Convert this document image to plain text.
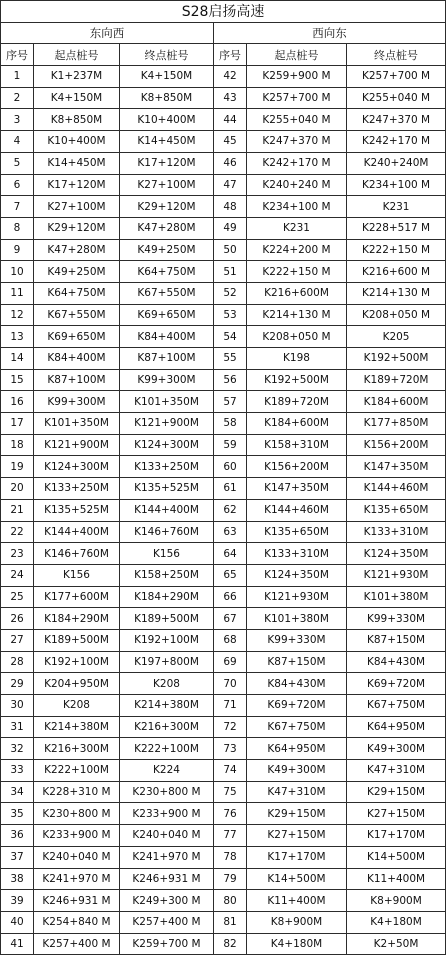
S28启扬高速					
东向西			西向东		
序号	起点桩号	终点桩号	序号	起点桩号	终点桩号
1	K1+237M	K4+150M	42	K259+900 M	K257+700 M
2	K4+150M	K8+850M	43	K257+700 M	K255+040 M
3	K8+850M	K10+400M	44	K255+040 M	K247+370 M
4	K10+400M	K14+450M	45	K247+370 M	K242+170 M
5	K14+450M	K17+120M	46	K242+170 M	K240+240M
6	K17+120M	K27+100M	47	K240+240 M	K234+100 M
7	K27+100M	K29+120M	48	K234+100 M	K231
8	K29+120M	K47+280M	49	K231	K228+517 M
9	K47+280M	K49+250M	50	K224+200 M	K222+150 M
10	K49+250M	K64+750M	51	K222+150 M	K216+600 M
11	K64+750M	K67+550M	52	K216+600M	K214+130 M
12	K67+550M	K69+650M	53	K214+130 M	K208+050 M
13	K69+650M	K84+400M	54	K208+050 M	K205
14	K84+400M	K87+100M	55	K198	K192+500M
15	K87+100M	K99+300M	56	K192+500M	K189+720M
16	K99+300M	K101+350M	57	K189+720M	K184+600M
17	K101+350M	K121+900M	58	K184+600M	K177+850M
18	K121+900M	K124+300M	59	K158+310M	K156+200M
19	K124+300M	K133+250M	60	K156+200M	K147+350M
20	K133+250M	K135+525M	61	K147+350M	K144+460M
21	K135+525M	K144+400M	62	K144+460M	K135+650M
22	K144+400M	K146+760M	63	K135+650M	K133+310M
23	K146+760M	K156	64	K133+310M	K124+350M
24	K156	K158+250M	65	K124+350M	K121+930M
25	K177+600M	K184+290M	66	K121+930M	K101+380M
26	K184+290M	K189+500M	67	K101+380M	K99+330M
27	K189+500M	K192+100M	68	K99+330M	K87+150M
28	K192+100M	K197+800M	69	K87+150M	K84+430M
29	K204+950M	K208	70	K84+430M	K69+720M
30	K208	K214+380M	71	K69+720M	K67+750M
31	K214+380M	K216+300M	72	K67+750M	K64+950M
32	K216+300M	K222+100M	73	K64+950M	K49+300M
33	K222+100M	K224	74	K49+300M	K47+310M
34	K228+310 M	K230+800 M	75	K47+310M	K29+150M
35	K230+800 M	K233+900 M	76	K29+150M	K27+150M
36	K233+900 M	K240+040 M	77	K27+150M	K17+170M
37	K240+040 M	K241+970 M	78	K17+170M	K14+500M
38	K241+970 M	K246+931 M	79	K14+500M	K11+400M
39	K246+931 M	K249+300 M	80	K11+400M	K8+900M
40	K254+840 M	K257+400 M	81	K8+900M	K4+180M
41	K257+400 M	K259+700 M	82	K4+180M	K2+50M
